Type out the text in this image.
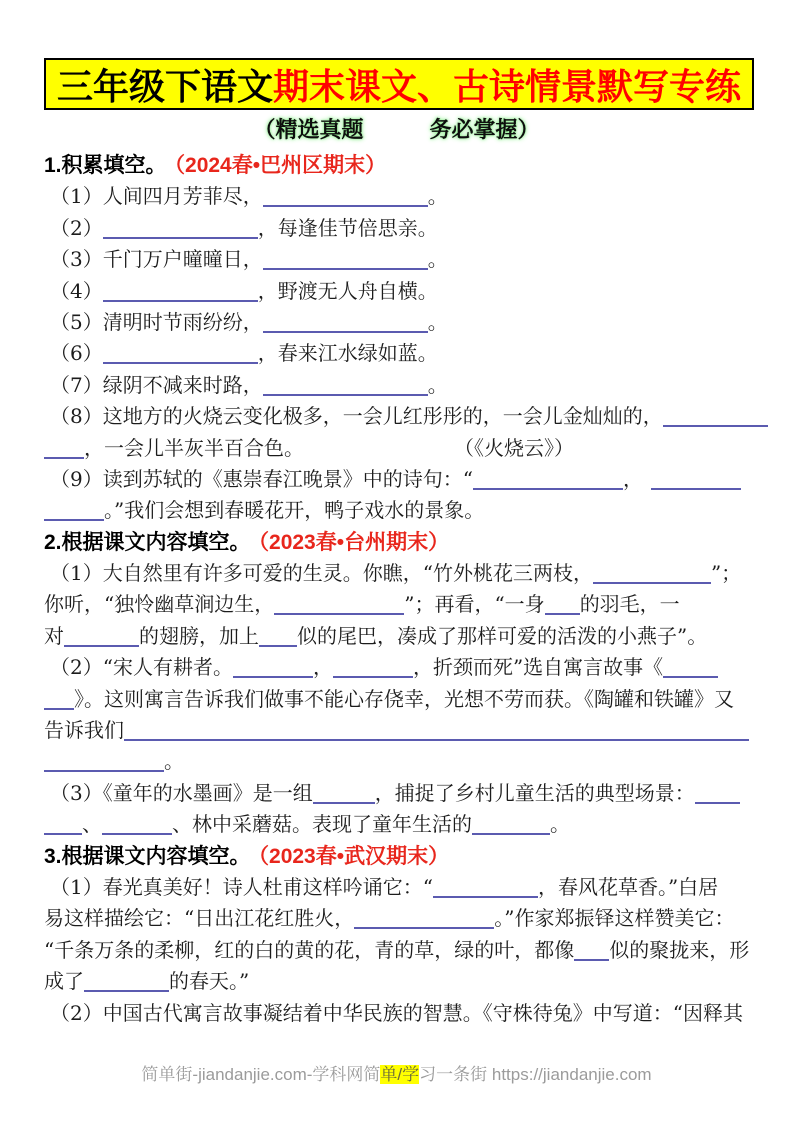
三年级下语文 期末课文、古诗情景默写专练
（精选真题　　　务必掌握）
1.积累填空。 （2024春•巴州区期末）
（1）人间四月芳菲尽，	。
（2）	，每逢佳节倍思亲。
（3）千门万户曈曈日，	。
（4）	，野渡无人舟自横。
（5）清明时节雨纷纷，	。
（6）	，春来江水绿如蓝。
（7）绿阴不减来时路，	。
（8）这地方的火烧云变化极多，一会儿红彤彤的，一会儿金灿灿的，
，一会儿半灰半百合色。	（《火烧云》）
（9）读到苏轼的《惠崇春江晚景》中的诗句：“	，
。”我们会想到春暖花开，鸭子戏水的景象。
2.根据课文内容填空。 （2023春•台州期末）
（1）大自然里有许多可爱的生灵。你瞧，“竹外桃花三两枝，	”；
你听，“独怜幽草涧边生，	”；再看，“一身 的羽毛，一
对	的翅膀，加上 似的尾巴，凑成了那样可爱的活泼的小燕子”。
（2）“宋人有耕者。	，	，折颈而死”选自寓言故事《
》。这则寓言告诉我们做事不能心存侥幸，光想不劳而获。《陶罐和铁罐》又
告诉我们
。
（3）《童年的水墨画》是一组	，捕捉了乡村儿童生活的典型场景：
、	、林中采蘑菇。表现了童年生活的	。
3.根据课文内容填空。 （2023春•武汉期末）
（1）春光真美好！诗人杜甫这样吟诵它：“	，春风花草香。”白居
易这样描绘它：“日出江花红胜火，	。”作家郑振铎这样赞美它：
“千条万条的柔柳，红的白的黄的花，青的草，绿的叶，都像 似的聚拢来，形
成了	的春天。”
（2）中国古代寓言故事凝结着中华民族的智慧。《守株待兔》中写道：“因释其
简单街-jiandanjie.com-学科网简单/学习一条街 https://jiandanjie.com
